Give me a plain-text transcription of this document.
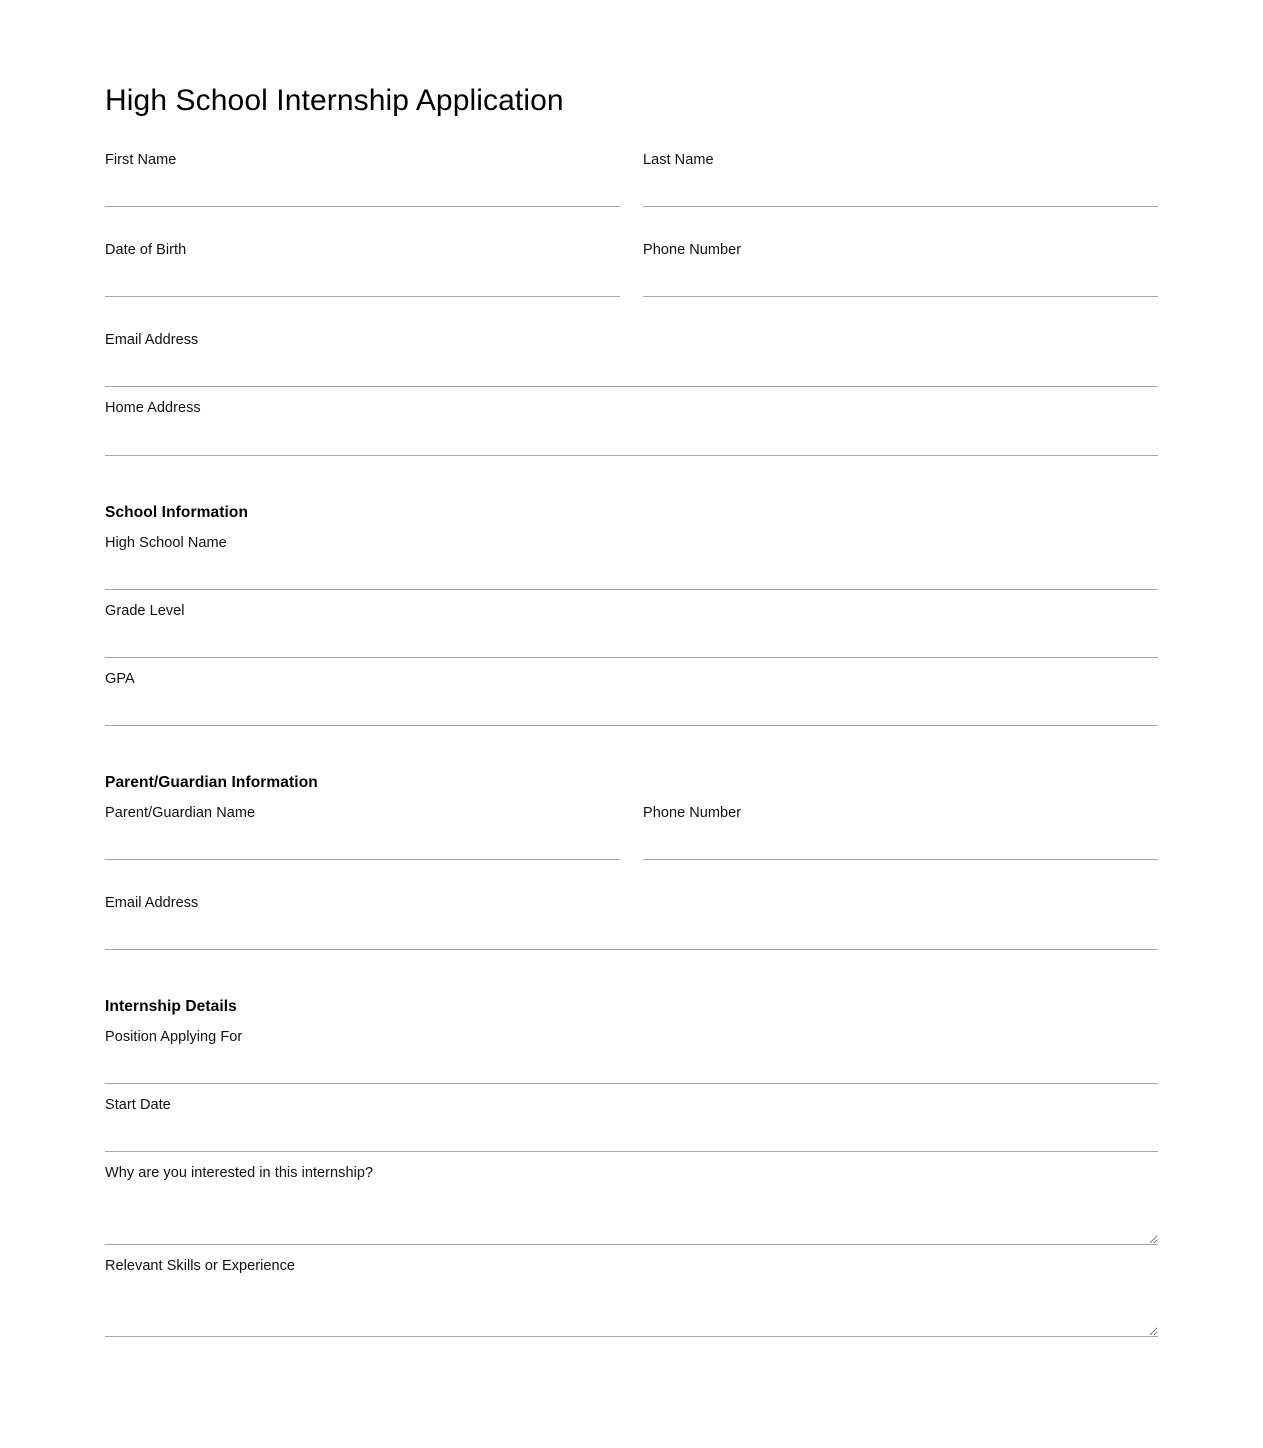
High School Internship Application
First Name	Last Name
Date of Birth	Phone Number
Email Address
Home Address
School Information
High School Name
Grade Level
GPA
Parent/Guardian Information
Parent/Guardian Name	Phone Number
Email Address
Internship Details
Position Applying For
Start Date
Why are you interested in this internship?
Relevant Skills or Experience
